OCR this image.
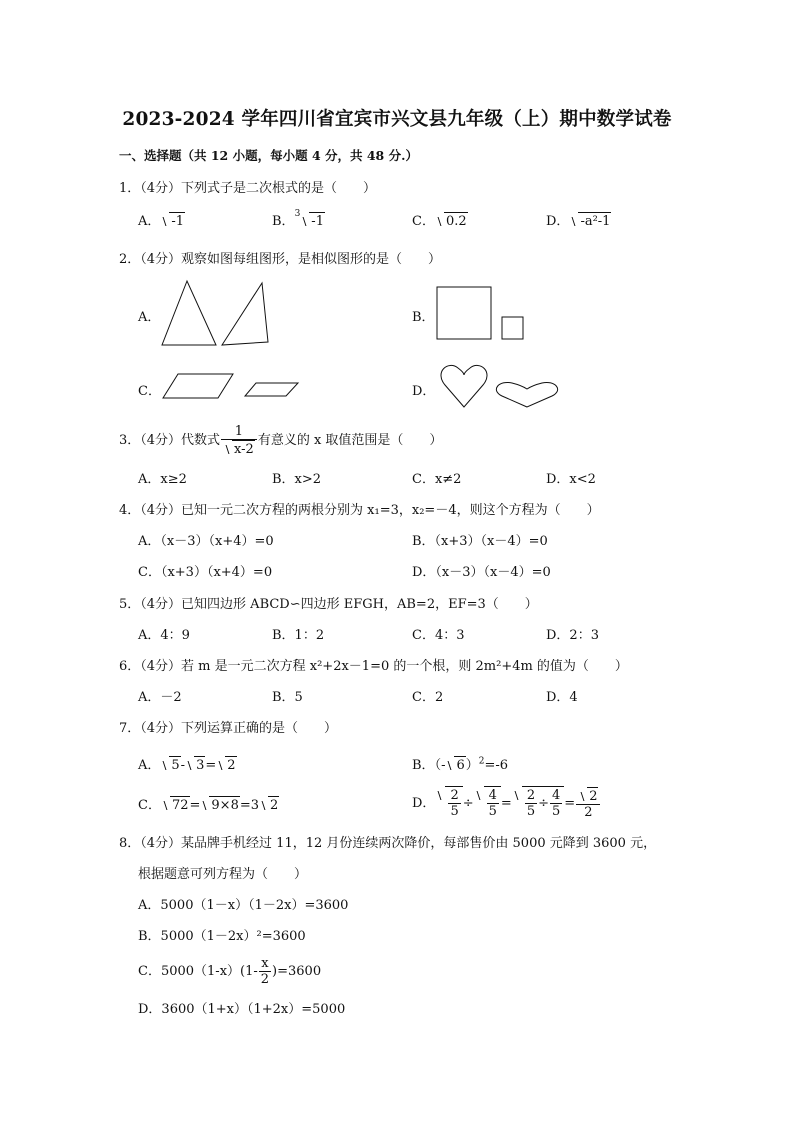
2023-2024 学年四川省宜宾市兴文县九年级（上）期中数学试卷
一、选择题（共 12 小题，每小题 4 分，共 48 分.）
1．（4分）下列式子是二次根式的是（　　）
A． -1	B．$^3$-1	C． 0.2	D． -a²-1
2．（4分）观察如图每组图形，是相似图形的是（　　）
A．	B．
C．	D．
3．（4分）代数式 $\frac{1}{x-2}$ 有意义的 x 取值范围是（　　）
A．x≥2	B．x>2	C．x≠2	D．x<2
4．（4分）已知一元二次方程的两根分别为 x₁=3，x₂=－4，则这个方程为（　　）
A．（x－3）（x+4）=0	B．（x+3）（x－4）=0
C．（x+3）（x+4）=0	D．（x－3）（x－4）=0
5．（4分）已知四边形 ABCD∽四边形 EFGH，AB=2，EF=3（　　）
A．4：9	B．1：2	C．4：3	D．2：3
6．（4分）若 m 是一元二次方程 x²+2x－1=0 的一个根，则 2m²+4m 的值为（　　）
A．－2	B．5	C．2	D．4
7．（4分）下列运算正确的是（　　）
A． 5- 3= 2	B．（- 6）$^2$=-6
C． 72= 9×8=3 2	D． $\frac{2}{5} \div \frac{4}{5} = \frac{2}{5} \div \frac{4}{5} = \frac{2}{2}$
8．（4分）某品牌手机经过 11，12 月份连续两次降价，每部售价由 5000 元降到 3600 元，
根据题意可列方程为（　　）
A．5000（1－x）（1－2x）=3600
B．5000（1－2x）²=3600
C．$5000(1-x)(1- \frac{x}{2} )=3600$
D．3600（1+x）（1+2x）=5000
